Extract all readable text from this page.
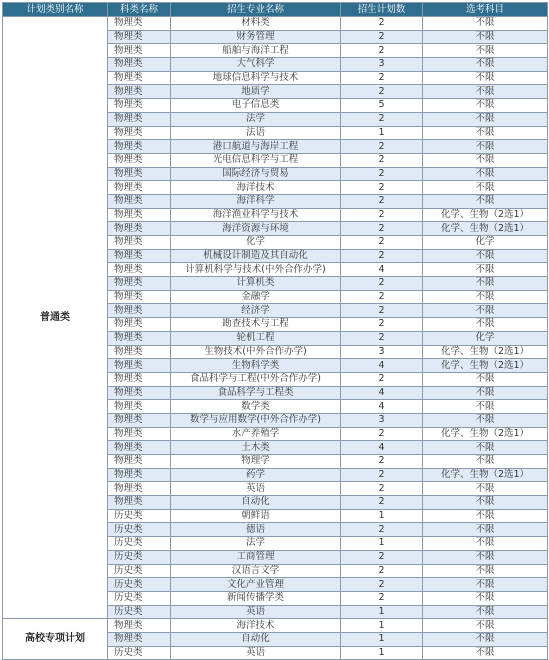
计划类别名称	科类名称	招生专业名称	招生计划数	选考科目
普通类	物理类	材料类	2	不限
	物理类	财务管理	2	不限
	物理类	船舶与海洋工程	2	不限
	物理类	大气科学	3	不限
	物理类	地球信息科学与技术	2	不限
	物理类	地质学	2	不限
	物理类	电子信息类	5	不限
	物理类	法学	2	不限
	物理类	法语	1	不限
	物理类	港口航道与海岸工程	2	不限
	物理类	光电信息科学与工程	2	不限
	物理类	国际经济与贸易	2	不限
	物理类	海洋技术	2	不限
	物理类	海洋科学	2	不限
	物理类	海洋渔业科学与技术	2	化学、生物（2选1）
	物理类	海洋资源与环境	2	化学、生物（2选1）
	物理类	化学	2	化学
	物理类	机械设计制造及其自动化	2	不限
	物理类	计算机科学与技术(中外合作办学)	4	不限
	物理类	计算机类	2	不限
	物理类	金融学	2	不限
	物理类	经济学	2	不限
	物理类	勘查技术与工程	2	不限
	物理类	轮机工程	2	化学
	物理类	生物技术(中外合作办学)	3	化学、生物（2选1）
	物理类	生物科学类	4	化学、生物（2选1）
	物理类	食品科学与工程(中外合作办学)	2	不限
	物理类	食品科学与工程类	4	不限
	物理类	数学类	4	不限
	物理类	数学与应用数学(中外合作办学)	3	不限
	物理类	水产养殖学	2	化学、生物（2选1）
	物理类	土木类	4	不限
	物理类	物理学	2	不限
	物理类	药学	2	化学、生物（2选1）
	物理类	英语	2	不限
	物理类	自动化	2	不限
	历史类	朝鲜语	1	不限
	历史类	德语	2	不限
	历史类	法学	1	不限
	历史类	工商管理	2	不限
	历史类	汉语言文学	2	不限
	历史类	文化产业管理	2	不限
	历史类	新闻传播学类	2	不限
	历史类	英语	1	不限
高校专项计划	物理类	海洋技术	1	不限
	物理类	自动化	1	不限
	历史类	英语	1	不限
